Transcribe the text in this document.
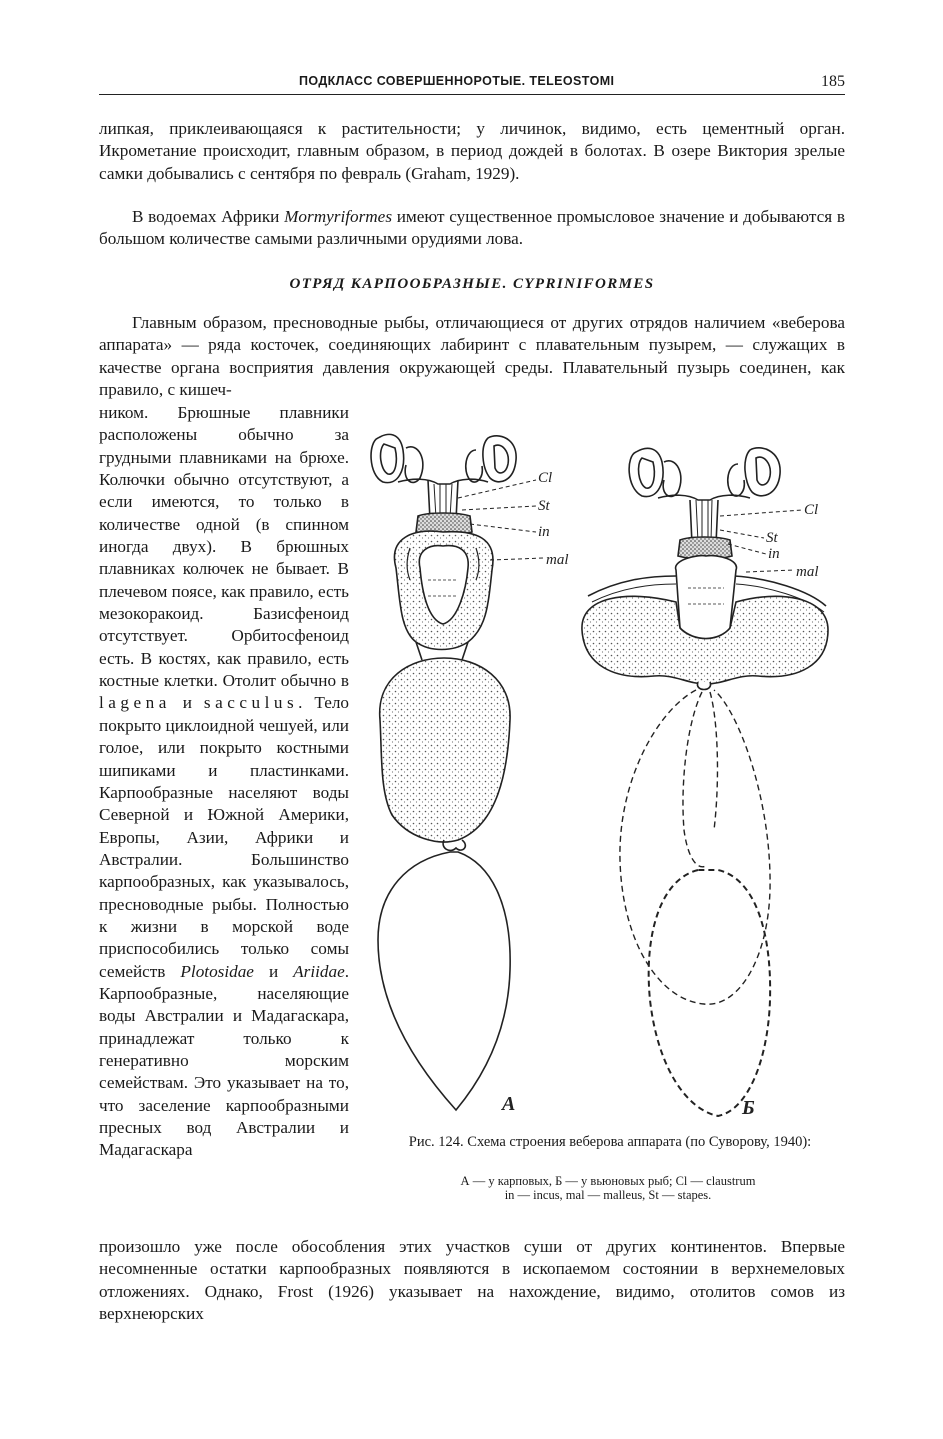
ПОДКЛАСС СОВЕРШЕННОРОТЫЕ. TELEOSTOMI	185

липкая, приклеивающаяся к растительности; у личинок, видимо, есть цементный орган. Икрометание происходит, главным образом, в период дождей в болотах. В озере Виктория зрелые самки добывались с сентября по февраль (Graham, 1929).

В водоемах Африки Mormyriformes имеют существенное промысловое значение и добываются в большом количестве самыми различными орудиями лова.

ОТРЯД КАРПООБРАЗНЫЕ. CYPRINIFORMES

Главным образом, пресноводные рыбы, отличающиеся от других отрядов наличием «веберова аппарата» — ряда косточек, соединяющих лабиринт с плавательным пузырем, — служащих в качестве органа восприятия давления окружающей среды. Плавательный пузырь соединен, как правило, с кишеч-

ником. Брюшные плавники расположены обычно за грудными плавниками на брюхе. Колючки обычно отсутствуют, а если имеются, то только в количестве одной (в спинном иногда двух). В брюшных плавниках колючек не бывает. В плечевом поясе, как правило, есть мезокоракоид. Базисфеноид отсутствует. Орбитосфеноид есть. В костях, как правило, есть костные клетки. Отолит обычно в lagena и sacculus. Тело покрыто циклоидной чешуей, или голое, или покрыто костными шипиками и пластинками. Карпообразные населяют воды Северной и Южной Америки, Европы, Азии, Африки и Австралии. Большинство карпообразных, как указывалось, пресноводные рыбы. Полностью к жизни в морской воде приспособились только сомы семейств Plotosidae и Ariidae. Карпообразные, населяющие воды Австралии и Мадагаскара, принадлежат только к генеративно морским семействам. Это указывает на то, что заселение карпообразными пресных вод Австралии и Мадагаскара

А
Cl
St
in
mal
Б
Cl
St
in
mal
Рис. 124. Схема строения веберова аппарата (по Суворову, 1940):
А — у карповых, Б — у вьюновых рыб; Cl — claustrum
in — incus, mal — malleus, St — stapes.

произошло уже после обособления этих участков суши от других континентов. Впервые несомненные остатки карпообразных появляются в ископаемом состоянии в верхнемеловых отложениях. Однако, Frost (1926) указывает на нахождение, видимо, отолитов сомов из верхнеюрских
